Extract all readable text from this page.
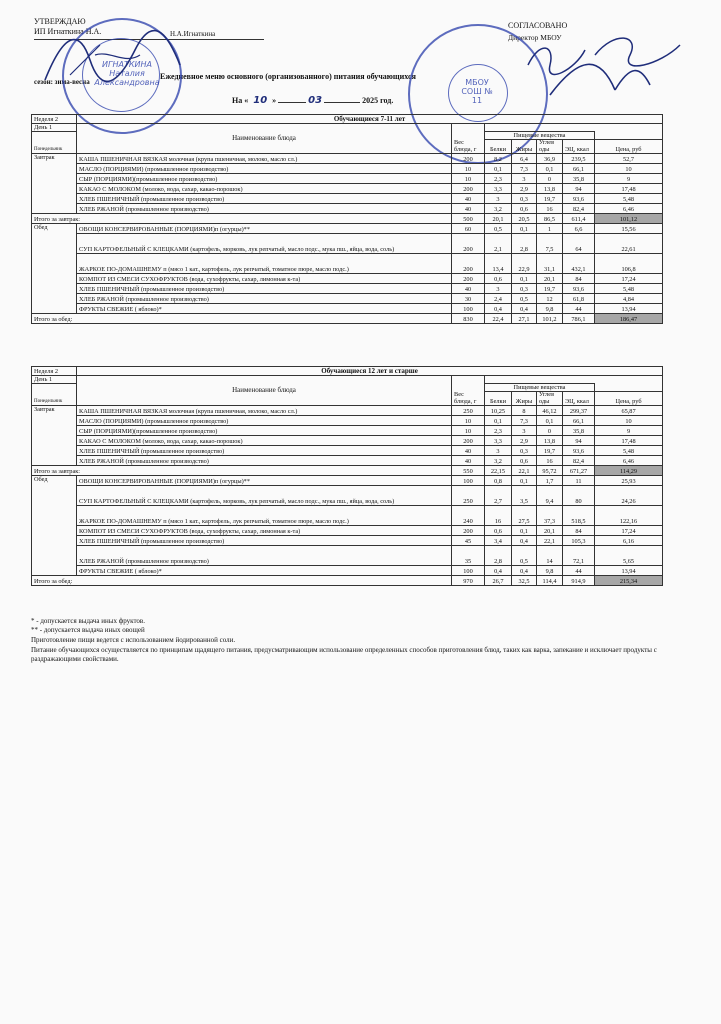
УТВЕРЖДАЮ
ИП Игнаткина Н.А.	Н.А.Игнаткина
СОГЛАСОВАНО
Директор МБОУ
сезон: зима-весна
Ежедневное меню основного (организованного) питания обучающихся
На « 10 »	03	2025 год.
ИГНАТКИНА Наталия Александровна	МБОУ СОШ № 11
Неделя 2	Обучающиеся 7-11 лет						
День 1	Наименование блюда	Вес блюда, г					
Понедельник			Пищевые вещества				
			Белки	Жиры	Углев оды	ЭЦ, ккал	Цена, руб
Завтрак	КАША ПШЕНИЧНАЯ ВЯЗКАЯ молочная (крупа пшеничная, молоко, масло сл.)	200	8,2	6,4	36,9	239,5	52,7
	МАСЛО (ПОРЦИЯМИ) (промышленное производство)	10	0,1	7,3	0,1	66,1	10
	СЫР (ПОРЦИЯМИ)(промышленное производство)	10	2,3	3	0	35,8	9
	КАКАО С МОЛОКОМ (молоко, вода, сахар, какао-порошок)	200	3,3	2,9	13,8	94	17,48
	ХЛЕБ ПШЕНИЧНЫЙ (промышленное производство)	40	3	0,3	19,7	93,6	5,48
	ХЛЕБ РЖАНОЙ (промышленное производство)	40	3,2	0,6	16	82,4	6,46
Итого за завтрак:		500	20,1	20,5	86,5	611,4	101,12
Обед	ОВОЩИ КОНСЕРВИРОВАННЫЕ (ПОРЦИЯМИ)п (огурцы)**	60	0,5	0,1	1	6,6	15,56
	СУП КАРТОФЕЛЬНЫЙ С КЛЕЦКАМИ (картофель, морковь, лук репчатый, масло подс., мука пш., яйца, вода, соль)	200	2,1	2,8	7,5	64	22,61
	ЖАРКОЕ ПО-ДОМАШНЕМУ п (мясо 1 кат., картофель, лук репчатый, томатное пюре, масло подс.)	200	13,4	22,9	31,1	432,1	106,8
	КОМПОТ ИЗ СМЕСИ СУХОФРУКТОВ (вода, сухофрукты, сахар, лимонная к-та)	200	0,6	0,1	20,1	84	17,24
	ХЛЕБ ПШЕНИЧНЫЙ (промышленное производство)	40	3	0,3	19,7	93,6	5,48
	ХЛЕБ РЖАНОЙ (промышленное производство)	30	2,4	0,5	12	61,8	4,84
	ФРУКТЫ СВЕЖИЕ ( яблоко)*	100	0,4	0,4	9,8	44	13,94
Итого за обед:		830	22,4	27,1	101,2	786,1	186,47
Неделя 2	Обучающиеся 12 лет и старше						
День 1	Наименование блюда	Вес блюда, г					
Понедельник			Пищевые вещества				
			Белки	Жиры	Углев оды	ЭЦ, ккал	Цена, руб
Завтрак	КАША ПШЕНИЧНАЯ ВЯЗКАЯ молочная (крупа пшеничная, молоко, масло сл.)	250	10,25	8	46,12	299,37	65,87
	МАСЛО (ПОРЦИЯМИ) (промышленное производство)	10	0,1	7,3	0,1	66,1	10
	СЫР (ПОРЦИЯМИ)(промышленное производство)	10	2,3	3	0	35,8	9
	КАКАО С МОЛОКОМ (молоко, вода, сахар, какао-порошок)	200	3,3	2,9	13,8	94	17,48
	ХЛЕБ ПШЕНИЧНЫЙ (промышленное производство)	40	3	0,3	19,7	93,6	5,48
	ХЛЕБ РЖАНОЙ (промышленное производство)	40	3,2	0,6	16	82,4	6,46
Итого за завтрак:		550	22,15	22,1	95,72	671,27	114,29
Обед	ОВОЩИ КОНСЕРВИРОВАННЫЕ (ПОРЦИЯМИ)п (огурцы)**	100	0,8	0,1	1,7	11	25,93
	СУП КАРТОФЕЛЬНЫЙ С КЛЕЦКАМИ (картофель, морковь, лук репчатый, масло подс., мука пш., яйца, вода, соль)	250	2,7	3,5	9,4	80	24,26
	ЖАРКОЕ ПО-ДОМАШНЕМУ п (мясо 1 кат., картофель, лук репчатый, томатное пюре, масло подс.)	240	16	27,5	37,3	518,5	122,16
	КОМПОТ ИЗ СМЕСИ СУХОФРУКТОВ (вода, сухофрукты, сахар, лимонная к-та)	200	0,6	0,1	20,1	84	17,24
	ХЛЕБ ПШЕНИЧНЫЙ (промышленное производство)	45	3,4	0,4	22,1	105,3	6,16
	ХЛЕБ РЖАНОЙ (промышленное производство)	35	2,8	0,5	14	72,1	5,65
	ФРУКТЫ СВЕЖИЕ ( яблоко)*	100	0,4	0,4	9,8	44	13,94
Итого за обед:		970	26,7	32,5	114,4	914,9	215,34
* - допускается выдача иных фруктов.
** - допускается выдача иных овощей
Приготовление пищи ведется с использованием йодированной соли.
Питание обучающихся осуществляется по принципам щадящего питания, предусматривающим использование определенных способов приготовления блюд, таких как варка, запекание и исключает продукты с раздражающими свойствами.
